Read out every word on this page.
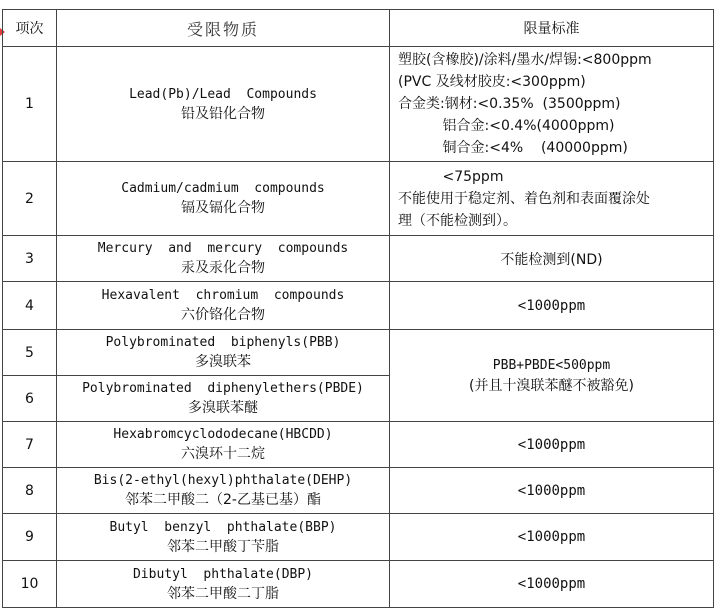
项次	受限物质	限量标准
1	Lead(Pb)/Lead  Compounds
铅及铅化合物	塑胶(含橡胶)/涂料/墨水/焊锡:<800ppm
(PVC 及线材胶皮:<300ppm)
合金类:钢材:<0.35%  (3500ppm)
铝合金:<0.4%(4000ppm)
铜合金:<4%    (40000ppm)

2	Cadmium/cadmium  compounds
镉及镉化合物	<75ppm
不能使用于稳定剂、着色剂和表面覆涂处
理（不能检测到）。

3	Mercury  and  mercury  compounds
汞及汞化合物	不能检测到(ND)
4	Hexavalent  chromium  compounds
六价铬化合物	<1000ppm
5	Polybrominated  biphenyls(PBB)
多溴联苯	PBB+PBDE<500ppm
(并且十溴联苯醚不被豁免)

6	Polybrominated  diphenylethers(PBDE)
多溴联苯醚	

7	Hexabromcyclododecane(HBCDD)
六溴环十二烷	<1000ppm
8	Bis(2-ethyl(hexyl)phthalate(DEHP)
邻苯二甲酸二（2-乙基已基）酯	<1000ppm
9	Butyl  benzyl  phthalate(BBP)
邻苯二甲酸丁苄脂	<1000ppm
10	Dibutyl  phthalate(DBP)
邻苯二甲酸二丁脂	<1000ppm
